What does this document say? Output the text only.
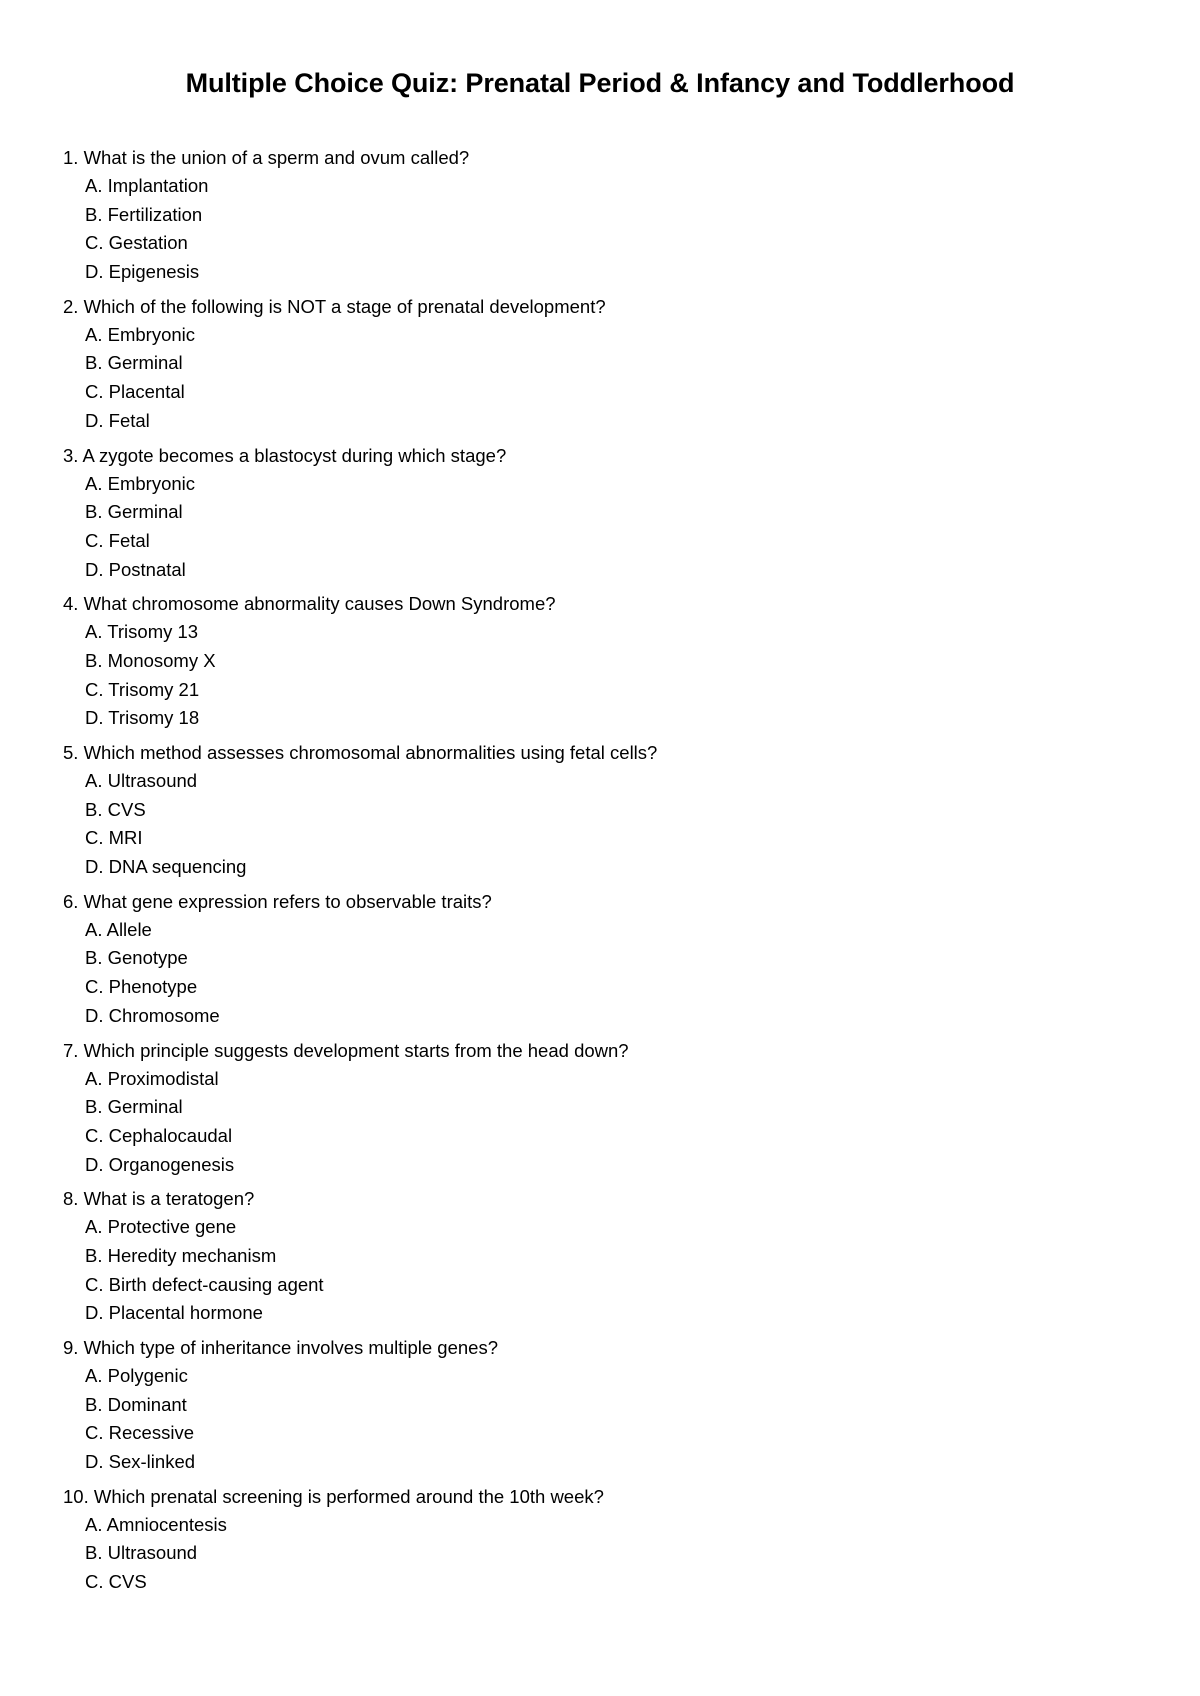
Multiple Choice Quiz: Prenatal Period & Infancy and Toddlerhood
1. What is the union of a sperm and ovum called?
A. Implantation
B. Fertilization
C. Gestation
D. Epigenesis
2. Which of the following is NOT a stage of prenatal development?
A. Embryonic
B. Germinal
C. Placental
D. Fetal
3. A zygote becomes a blastocyst during which stage?
A. Embryonic
B. Germinal
C. Fetal
D. Postnatal
4. What chromosome abnormality causes Down Syndrome?
A. Trisomy 13
B. Monosomy X
C. Trisomy 21
D. Trisomy 18
5. Which method assesses chromosomal abnormalities using fetal cells?
A. Ultrasound
B. CVS
C. MRI
D. DNA sequencing
6. What gene expression refers to observable traits?
A. Allele
B. Genotype
C. Phenotype
D. Chromosome
7. Which principle suggests development starts from the head down?
A. Proximodistal
B. Germinal
C. Cephalocaudal
D. Organogenesis
8. What is a teratogen?
A. Protective gene
B. Heredity mechanism
C. Birth defect-causing agent
D. Placental hormone
9. Which type of inheritance involves multiple genes?
A. Polygenic
B. Dominant
C. Recessive
D. Sex-linked
10. Which prenatal screening is performed around the 10th week?
A. Amniocentesis
B. Ultrasound
C. CVS
